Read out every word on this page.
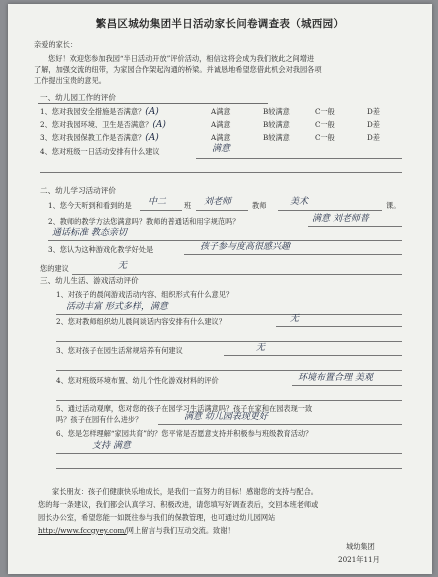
繁昌区城幼集团半日活动家长问卷调查表（城西园）
亲爱的家长：
您好！欢迎您参加我园“半日活动开放”评价活动，相信这将会成为我们彼此之间增进
了解，加强交流的纽带，为家园合作架起沟通的桥梁。并诚恳地希望您借此机会对我园各项
工作提出宝贵的意见。
一、幼儿园工作的评价
1、您对我园安全措施是否满意？(A)	A满意	B较满意	C一般	D差
2、您对我园环境、卫生是否满意？(A)	A满意	B较满意	C一般	D差
3、您对我园保教工作是否满意？(A)	A满意	B较满意	C一般	D差
4、您对班级一日活动安排有什么建议	满意
二、幼儿学习活动评价
1、您今天听到和看到的是 中二 班 刘老师	教师	美术	课。
2、教师的教学方法您满意吗？教师的普通话和用字规范吗？	满意 刘老师普
通话标准 教态亲切
3、您认为这种游戏化教学好处是	孩子参与度高很感兴趣
您的建议	无
三、幼儿生活、游戏活动评价
1、对孩子的晨间游戏活动内容、组织形式有什么意见？
活动丰富 形式多样，满意
2、您对教师组织幼儿晨间谈话内容安排有什么建议？	无
3、您对孩子在园生活常规培养有何建议	无
4、您对班级环境布置、幼儿个性化游戏材料的评价	环境布置合理 美观
5、通过活动观摩，您对您的孩子在园学习生活满意吗？孩子在家和在园表现一致
吗？孩子在园有什么进步？	满意 幼儿园表现更好
6、您是怎样理解“家园共育”的？您平常是否愿意支持并积极参与班级教育活动？
支持 满意
家长朋友：孩子们健康快乐地成长，是我们一直努力的目标！感谢您的支持与配合。
您的每一条建议，我们都会认真学习、积极改进，请您填写好调查表后，交回本班老师或
园长办公室，希望您能一如既往参与我们的保教管理，也可通过幼儿园网站
http://www.fccgyey.com/网上留言与我们互动交流。致谢！
城幼集团
2021年11月
